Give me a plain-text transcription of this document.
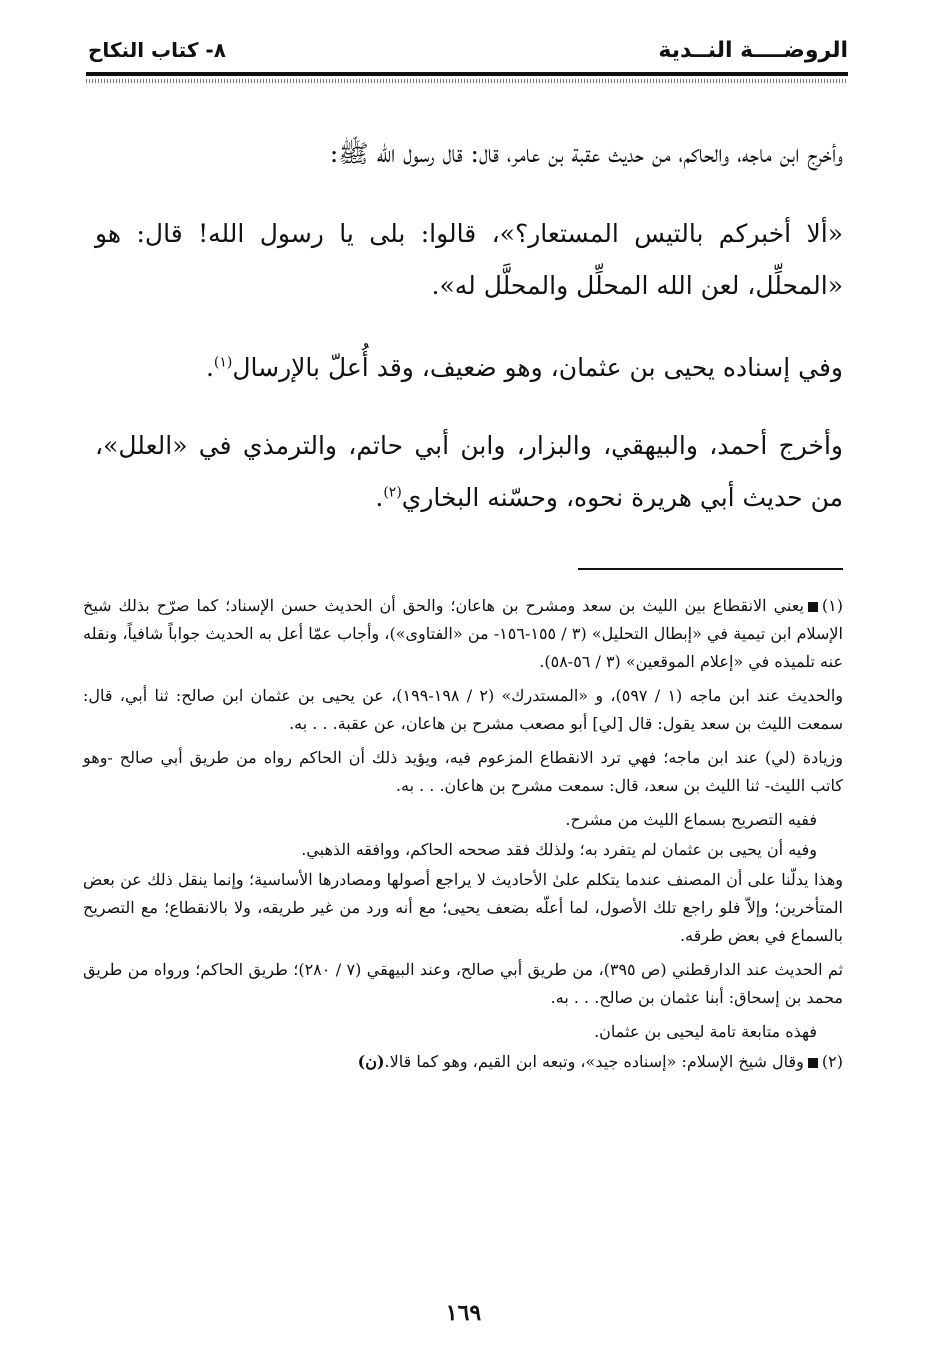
الروضــــة النــدية
٨- كتاب النكاح

وأخرج ابن ماجه، والحاكم، من حديث عقبة بن عامر، قال: قال رسول الله ﷺ:

«ألا أخبركم بالتيس المستعار؟»، قالوا: بلى يا رسول الله! قال: هو «المحلِّل، لعن الله المحلِّل والمحلَّل له».

وفي إسناده يحيى بن عثمان، وهو ضعيف، وقد أُعلّ بالإرسال$^{(١)}$.

وأخرج أحمد، والبيهقي، والبزار، وابن أبي حاتم، والترمذي في «العلل»، من حديث أبي هريرة نحوه، وحسّنه البخاري$^{(٢)}$.

(١)يعني الانقطاع بين الليث بن سعد ومشرح بن هاعان؛ والحق أن الحديث حسن الإسناد؛ كما صرّح بذلك شيخ الإسلام ابن تيمية في «إبطال التحليل» (٣ / ١٥٥-١٥٦- من «الفتاوى»)، وأجاب عمّا أعل به الحديث جواباً شافياً، ونقله عنه تلميذه في «إعلام الموقعين» (٣ / ٥٦-٥٨).

والحديث عند ابن ماجه (١ / ٥٩٧)، و «المستدرك» (٢ / ١٩٨-١٩٩)، عن يحيى بن عثمان ابن صالح: ثنا أبي، قال: سمعت الليث بن سعد يقول: قال [لي] أبو مصعب مشرح بن هاعان، عن عقبة. . . به.

وزيادة (لي) عند ابن ماجه؛ فهي ترد الانقطاع المزعوم فيه، ويؤيد ذلك أن الحاكم رواه من طريق أبي صالح -وهو كاتب الليث- ثنا الليث بن سعد، قال: سمعت مشرح بن هاعان. . . به.

ففيه التصريح بسماع الليث من مشرح.

وفيه أن يحيى بن عثمان لم يتفرد به؛ ولذلك فقد صححه الحاكم، ووافقه الذهبي.

وهذا يدلّنا على أن المصنف عندما يتكلم علىٰ الأحاديث لا يراجع أصولها ومصادرها الأساسية؛ وإنما ينقل ذلك عن بعض المتأخرين؛ وإلاّ فلو راجع تلك الأصول، لما أعلّه بضعف يحيى؛ مع أنه ورد من غير طريقه، ولا بالانقطاع؛ مع التصريح بالسماع في بعض طرقه.

ثم الحديث عند الدارقطني (ص ٣٩٥)، من طريق أبي صالح، وعند البيهقي (٧ / ٢٨٠)؛ طريق الحاكم؛ ورواه من طريق محمد بن إسحاق: أبنا عثمان بن صالح. . . به.

فهذه متابعة تامة ليحيى بن عثمان.

(٢)وقال شيخ الإسلام: «إسناده جيد»، وتبعه ابن القيم، وهو كما قالا.(ن)

١٦٩
